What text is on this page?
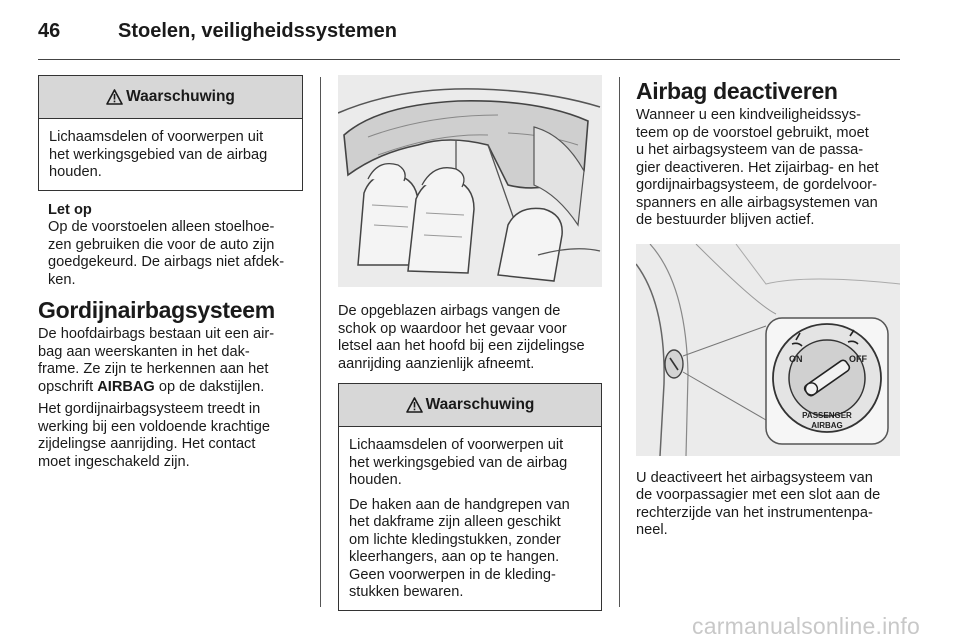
46	Stoelen, veiligheidssystemen
Waarschuwing

Lichaamsdelen of voorwerpen uit
het werkingsgebied van de airbag
houden.

Let op

Op de voorstoelen alleen stoelhoe-
zen gebruiken die voor de auto zijn
goedgekeurd. De airbags niet afdek-
ken.

Gordijnairbagsysteem

De hoofdairbags bestaan uit een air-
bag aan weerskanten in het dak-
frame. Ze zijn te herkennen aan het
opschrift AIRBAG op de dakstijlen.

Het gordijnairbagsysteem treedt in
werking bij een voldoende krachtige
zijdelingse aanrijding. Het contact
moet ingeschakeld zijn.

De opgeblazen airbags vangen de
schok op waardoor het gevaar voor
letsel aan het hoofd bij een zijdelingse
aanrijding aanzienlijk afneemt.

Waarschuwing

Lichaamsdelen of voorwerpen uit
het werkingsgebied van de airbag
houden.

De haken aan de handgrepen van
het dakframe zijn alleen geschikt
om lichte kledingstukken, zonder
kleerhangers, aan op te hangen.
Geen voorwerpen in de kleding-
stukken bewaren.

Airbag deactiveren

Wanneer u een kindveiligheidssys-
teem op de voorstoel gebruikt, moet
u het airbagsysteem van de passa-
gier deactiveren. Het zijairbag- en het
gordijnairbagsysteem, de gordelvoor-
spanners en alle airbagsystemen van
de bestuurder blijven actief.

ON	OFF
PASSENGER
AIRBAG

U deactiveert het airbagsysteem van
de voorpassagier met een slot aan de
rechterzijde van het instrumentenpa-
neel.

carmanualsonline.info
